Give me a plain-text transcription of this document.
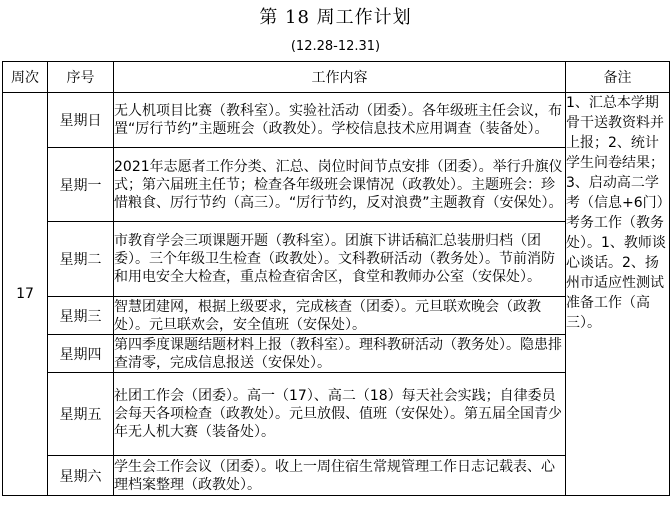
第 18 周工作计划
(12.28-12.31)
周次	序号	工作内容	备注
17	星期日	无人机项目比赛（教科室）。实验社活动（团委）。各年级班主任会议，布置“厉行节约”主题班会（政教处）。学校信息技术应用调查（装备处）。	1、汇总本学期骨干送教资料并上报；2、统计学生问卷结果；3、启动高二学考（信息+6门）考务工作（教务处）。1、教师谈心谈话。2、扬州市适应性测试准备工作（高三）。
	星期一	2021年志愿者工作分类、汇总、岗位时间节点安排（团委）。举行升旗仪式；第六届班主任节；检查各年级班会课情况（政教处）。主题班会：珍惜粮食、厉行节约（高三）。“厉行节约，反对浪费”主题教育（安保处）。	
	星期二	市教育学会三项课题开题（教科室）。团旗下讲话稿汇总装册归档（团委）。三个年级卫生检查（政教处）。文科教研活动（教务处）。节前消防和用电安全大检查，重点检查宿舍区，食堂和教师办公室（安保处）。	
	星期三	智慧团建网，根据上级要求，完成核查（团委）。元旦联欢晚会（政教处）。元旦联欢会，安全值班（安保处）。	
	星期四	第四季度课题结题材料上报（教科室）。理科教研活动（教务处）。隐患排查清零，完成信息报送（安保处）。	
	星期五	社团工作会（团委）。高一（17）、高二（18）每天社会实践；自律委员会每天各项检查（政教处）。元旦放假、值班（安保处）。第五届全国青少年无人机大赛（装备处）。	
	星期六	学生会工作会议（团委）。收上一周住宿生常规管理工作日志记载表、心理档案整理（政教处）。	
